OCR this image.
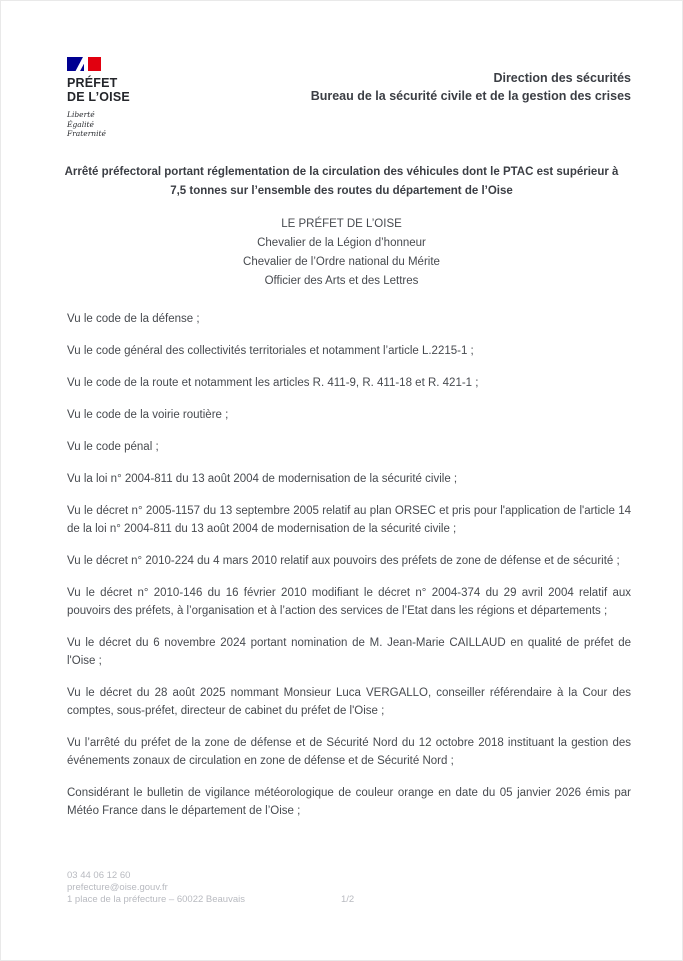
PRÉFET
DE L’OISE
Liberté
Égalité
Fraternité
Direction des sécurités
Bureau de la sécurité civile et de la gestion des crises
Arrêté préfectoral portant réglementation de la circulation des véhicules dont le PTAC est supérieur à
7,5 tonnes sur l’ensemble des routes du département de l’Oise
LE PRÉFET DE L’OISE
Chevalier de la Légion d’honneur
Chevalier de l’Ordre national du Mérite
Officier des Arts et des Lettres

Vu le code de la défense ;

Vu le code général des collectivités territoriales et notamment l’article L.2215-1 ;

Vu le code de la route et notamment les articles R. 411-9, R. 411-18 et R. 421-1 ;

Vu le code de la voirie routière ;

Vu le code pénal ;

Vu la loi n° 2004-811 du 13 août 2004 de modernisation de la sécurité civile ;

Vu le décret n° 2005-1157 du 13 septembre 2005 relatif au plan ORSEC et pris pour l'application de l'article 14 de la loi n° 2004-811 du 13 août 2004 de modernisation de la sécurité civile ;

Vu le décret n° 2010-224 du 4 mars 2010 relatif aux pouvoirs des préfets de zone de défense et de sécurité ;

Vu le décret n° 2010-146 du 16 février 2010 modifiant le décret n° 2004-374 du 29 avril 2004 relatif aux pouvoirs des préfets, à l’organisation et à l’action des services de l’Etat dans les régions et départements ;

Vu le décret du 6 novembre 2024 portant nomination de M. Jean-Marie CAILLAUD en qualité de préfet de l'Oise ;

Vu le décret du 28 août 2025 nommant Monsieur Luca VERGALLO, conseiller référendaire à la Cour des comptes, sous-préfet, directeur de cabinet du préfet de l'Oise ;

Vu l’arrêté du préfet de la zone de défense et de Sécurité Nord du 12 octobre 2018 instituant la gestion des événements zonaux de circulation en zone de défense et de Sécurité Nord ;

Considérant le bulletin de vigilance météorologique de couleur orange en date du 05 janvier 2026 émis par Météo France dans le département de l’Oise ;

03 44 06 12 60
prefecture@oise.gouv.fr
1 place de la préfecture – 60022 Beauvais	1/2
